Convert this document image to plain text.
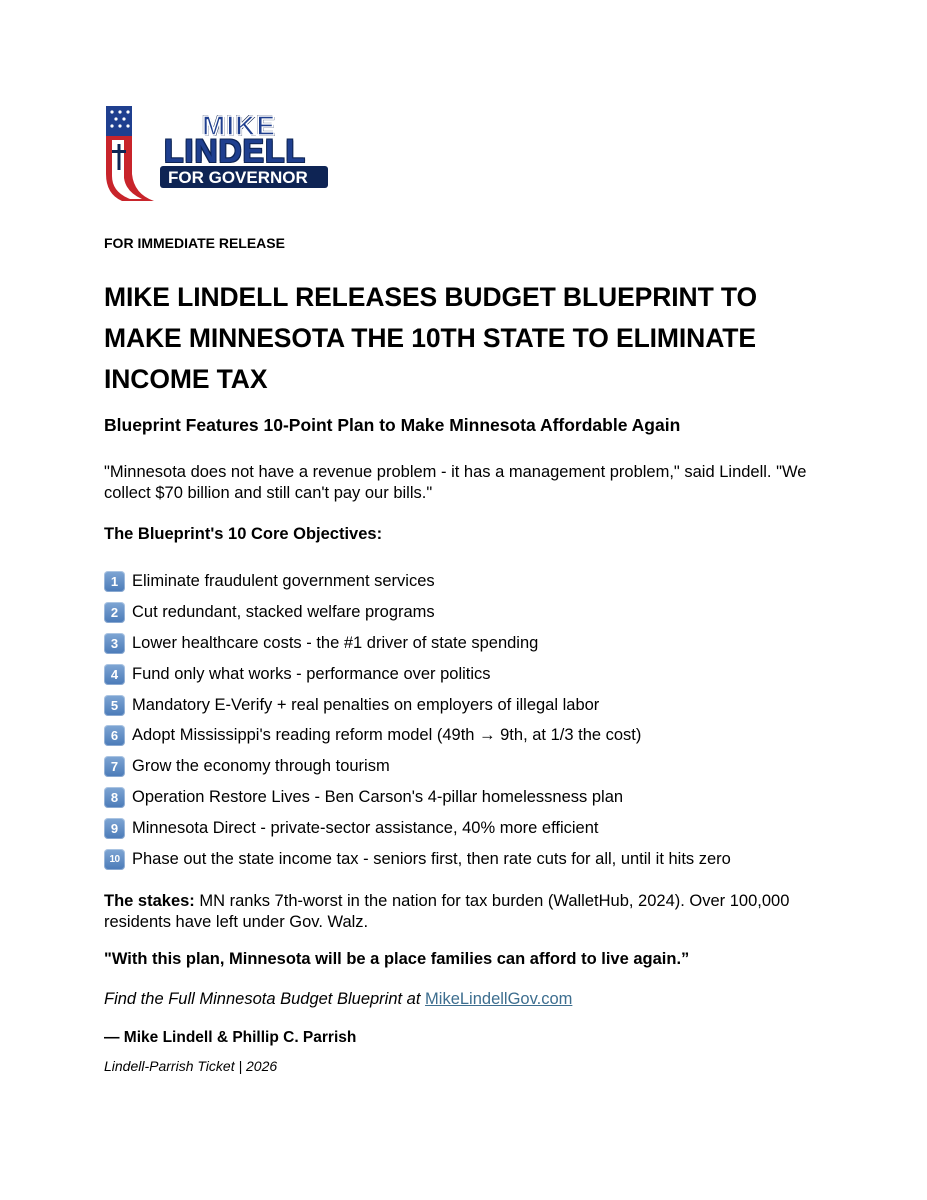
MIKE
LINDELL
FOR GOVERNOR
FOR IMMEDIATE RELEASE
MIKE LINDELL RELEASES BUDGET BLUEPRINT TO MAKE MINNESOTA THE 10TH STATE TO ELIMINATE INCOME TAX
Blueprint Features 10-Point Plan to Make Minnesota Affordable Again
"Minnesota does not have a revenue problem - it has a management problem," said Lindell. "We collect $70 billion and still can't pay our bills."
The Blueprint's 10 Core Objectives:
1 Eliminate fraudulent government services
2 Cut redundant, stacked welfare programs
3 Lower healthcare costs - the #1 driver of state spending
4 Fund only what works - performance over politics
5 Mandatory E-Verify + real penalties on employers of illegal labor
6 Adopt Mississippi's reading reform model (49th → 9th, at 1/3 the cost)
7 Grow the economy through tourism
8 Operation Restore Lives - Ben Carson's 4-pillar homelessness plan
9 Minnesota Direct - private-sector assistance, 40% more efficient
10 Phase out the state income tax - seniors first, then rate cuts for all, until it hits zero
The stakes: MN ranks 7th-worst in the nation for tax burden (WalletHub, 2024). Over 100,000 residents have left under Gov. Walz.
"With this plan, Minnesota will be a place families can afford to live again.”
Find the Full Minnesota Budget Blueprint at MikeLindellGov.com
— Mike Lindell & Phillip C. Parrish
Lindell-Parrish Ticket | 2026
